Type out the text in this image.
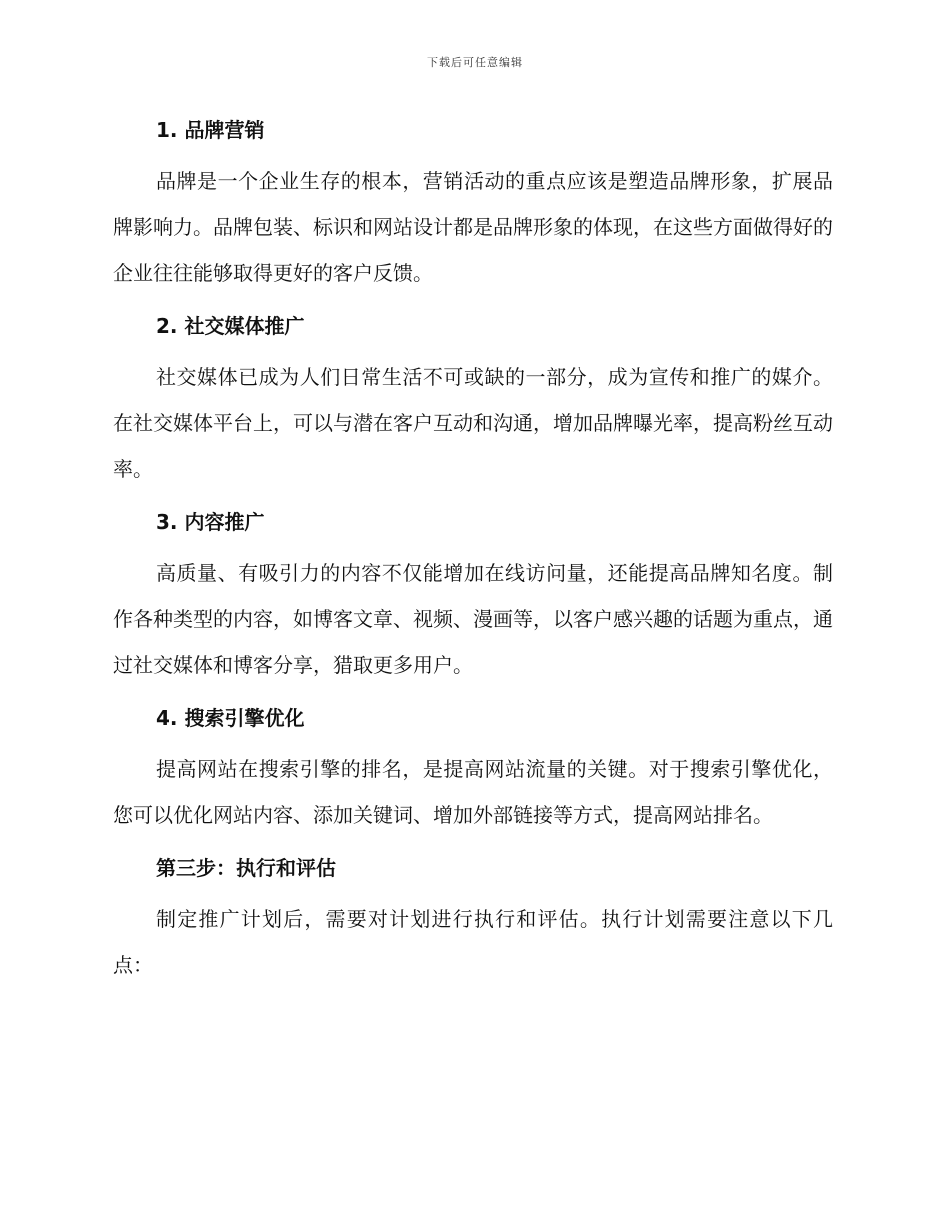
下载后可任意编辑
1. 品牌营销

品牌是一个企业生存的根本，营销活动的重点应该是塑造品牌形象，扩展品牌影响力。品牌包装、标识和网站设计都是品牌形象的体现，在这些方面做得好的企业往往能够取得更好的客户反馈。

2. 社交媒体推广

社交媒体已成为人们日常生活不可或缺的一部分，成为宣传和推广的媒介。在社交媒体平台上，可以与潜在客户互动和沟通，增加品牌曝光率，提高粉丝互动率。

3. 内容推广

高质量、有吸引力的内容不仅能增加在线访问量，还能提高品牌知名度。制作各种类型的内容，如博客文章、视频、漫画等，以客户感兴趣的话题为重点，通过社交媒体和博客分享，猎取更多用户。

4. 搜索引擎优化

提高网站在搜索引擎的排名，是提高网站流量的关键。对于搜索引擎优化，您可以优化网站内容、添加关键词、增加外部链接等方式，提高网站排名。

第三步：执行和评估

制定推广计划后，需要对计划进行执行和评估。执行计划需要注意以下几点：
